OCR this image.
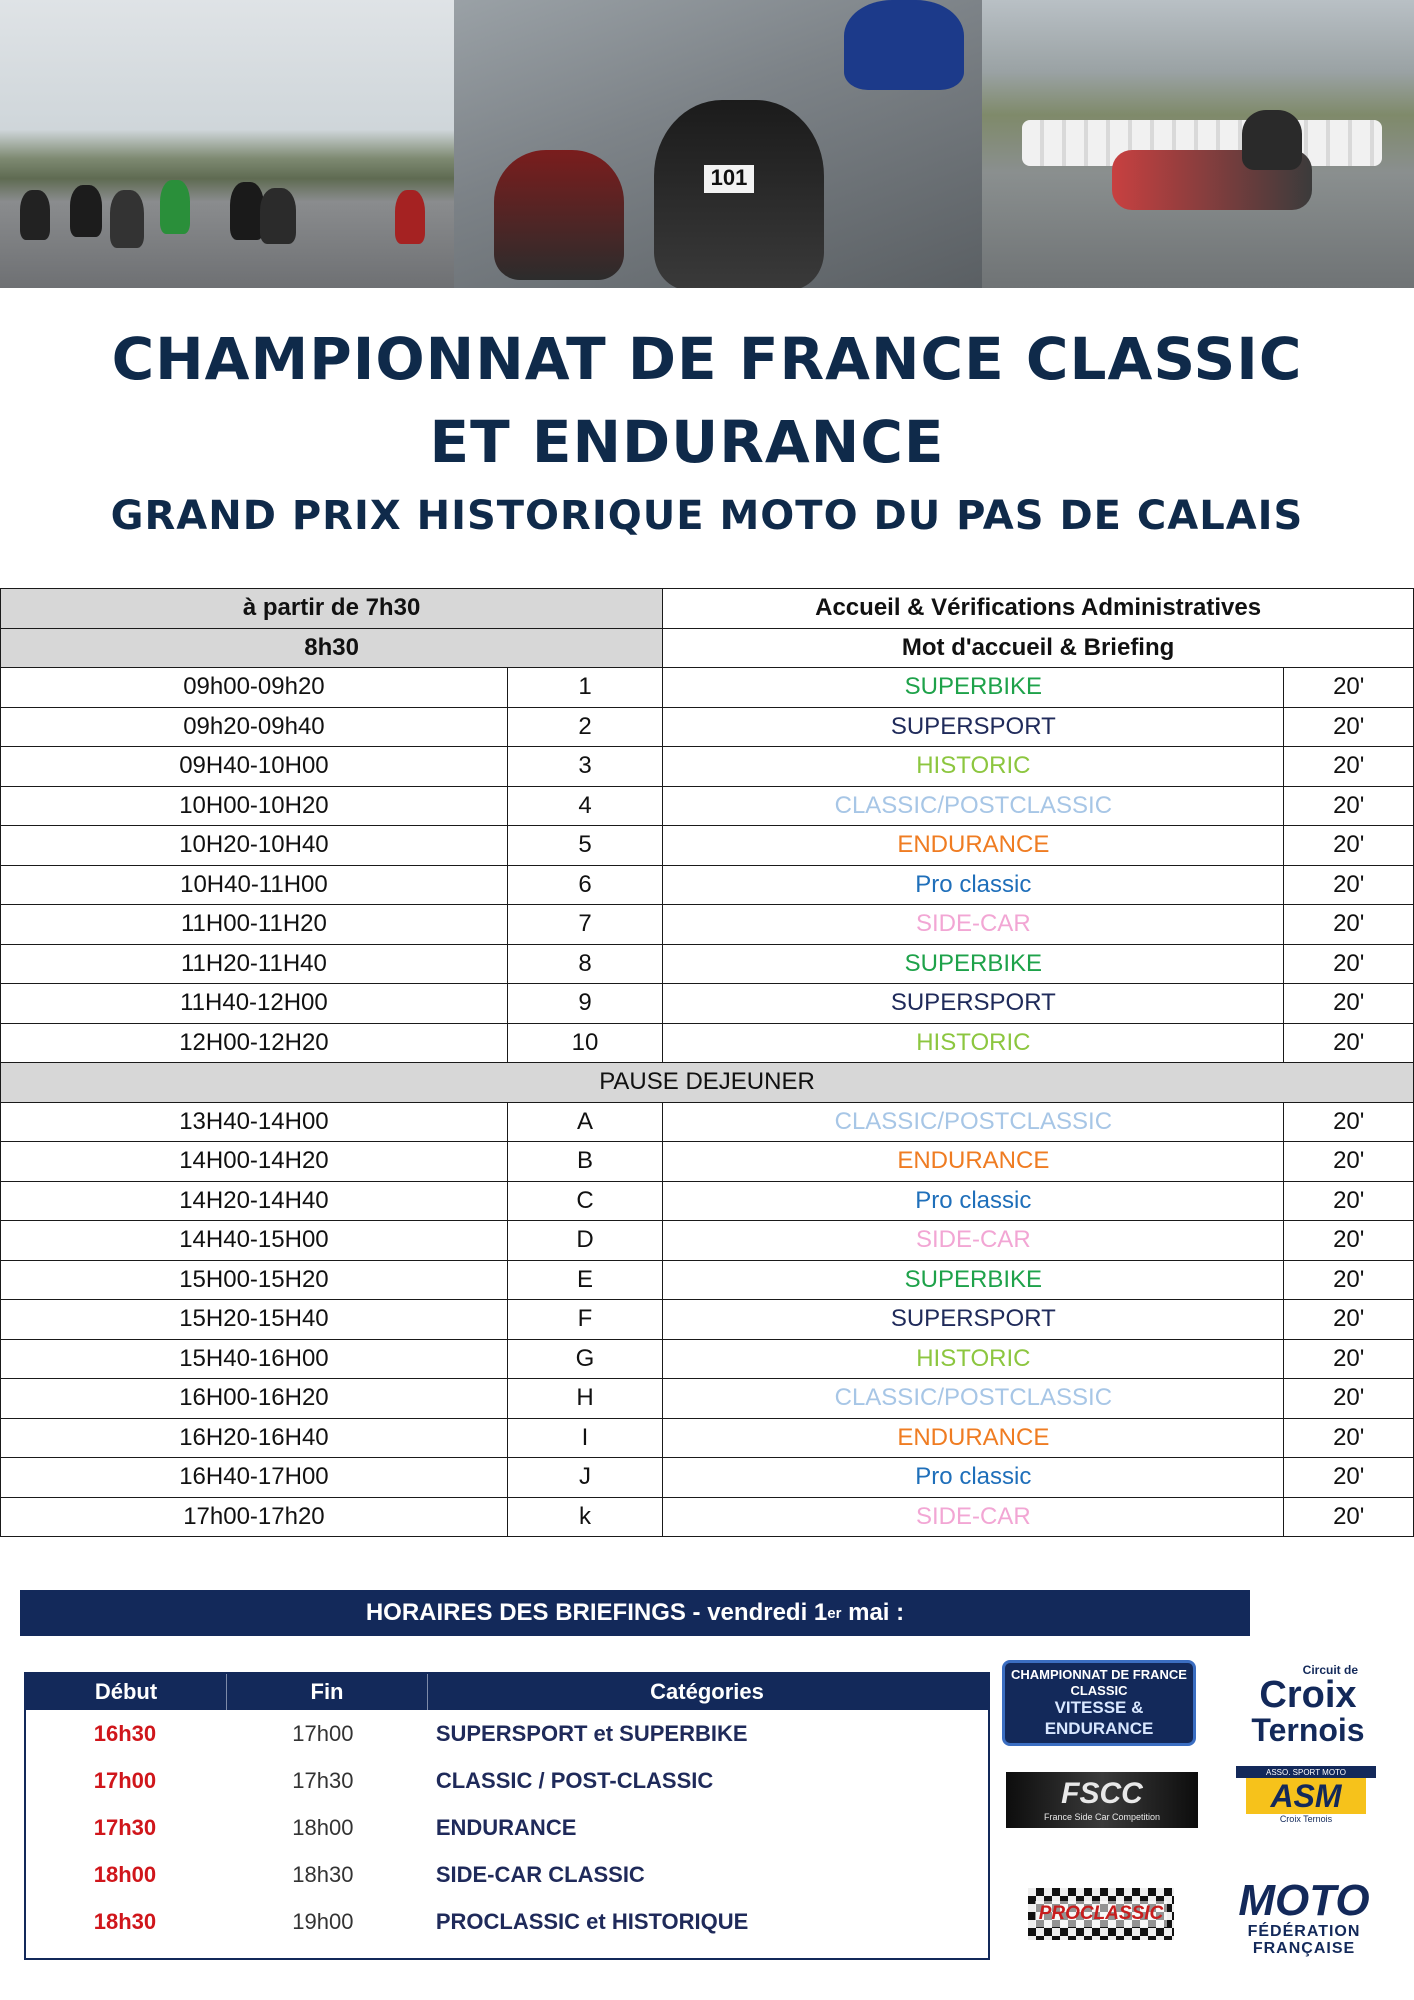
101
CHAMPIONNAT DE FRANCE CLASSIC
ET ENDURANCE
GRAND PRIX HISTORIQUE MOTO DU PAS DE CALAIS
à partir de 7h30		Accueil & Vérifications Administratives	
8h30		Mot d'accueil & Briefing	
09h00-09h20	1	SUPERBIKE	20'
09h20-09h40	2	SUPERSPORT	20'
09H40-10H00	3	HISTORIC	20'
10H00-10H20	4	CLASSIC/POSTCLASSIC	20'
10H20-10H40	5	ENDURANCE	20'
10H40-11H00	6	Pro classic	20'
11H00-11H20	7	SIDE-CAR	20'
11H20-11H40	8	SUPERBIKE	20'
11H40-12H00	9	SUPERSPORT	20'
12H00-12H20	10	HISTORIC	20'
PAUSE DEJEUNER			
13H40-14H00	A	CLASSIC/POSTCLASSIC	20'
14H00-14H20	B	ENDURANCE	20'
14H20-14H40	C	Pro classic	20'
14H40-15H00	D	SIDE-CAR	20'
15H00-15H20	E	SUPERBIKE	20'
15H20-15H40	F	SUPERSPORT	20'
15H40-16H00	G	HISTORIC	20'
16H00-16H20	H	CLASSIC/POSTCLASSIC	20'
16H20-16H40	I	ENDURANCE	20'
16H40-17H00	J	Pro classic	20'
17h00-17h20	k	SIDE-CAR	20'
HORAIRES DES BRIEFINGS - vendredi 1 er mai :
Début	Fin	Catégories
16h30	17h00	SUPERSPORT et SUPERBIKE
17h00	17h30	CLASSIC / POST-CLASSIC
17h30	18h00	ENDURANCE
18h00	18h30	SIDE-CAR CLASSIC
18h30	19h00	PROCLASSIC et HISTORIQUE
CHAMPIONNAT DE FRANCE CLASSIC
VITESSE & ENDURANCE
Circuit de
Croix
Ternois
FSCC
France Side Car Competition
ASSO. SPORT MOTO
ASM
Croix Ternois
PROCLASSIC MOTO
FÉDÉRATION
FRANÇAISE
